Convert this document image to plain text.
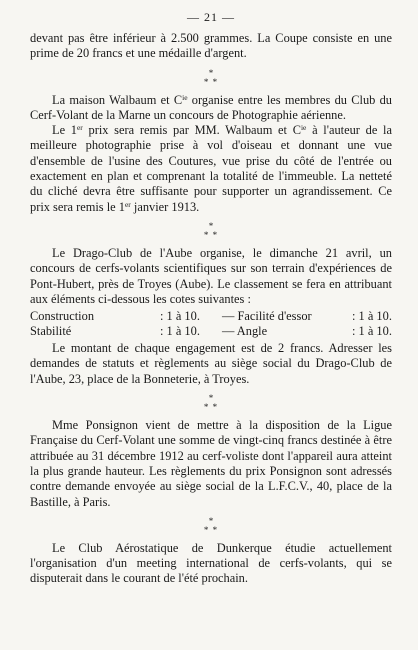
— 21 —

devant pas être inférieur à 2.500 grammes. La Coupe consiste en une prime de 20 francs et une médaille d'argent.

*
* *

La maison Walbaum et $C^{ie}$ organise entre les membres du Club du Cerf-Volant de la Marne un concours de Photographie aérienne.

Le 1er prix sera remis par MM. Walbaum et $C^{ie}$ à l'auteur de la meilleure photographie prise à vol d'oiseau et donnant une vue d'ensemble de l'usine des Coutures, vue prise du côté de l'entrée ou exactement en plan et comprenant la totalité de l'immeuble. La netteté du cliché devra être suffisante pour supporter un agrandissement. Ce prix sera remis le 1er janvier 1913.

*
* *

Le Drago-Club de l'Aube organise, le dimanche 21 avril, un concours de cerfs-volants scientifiques sur son terrain d'expériences de Pont-Hubert, près de Troyes (Aube). Le classement se fera en attribuant aux éléments ci-dessous les cotes suivantes :

Construction	: 1 à 10.	— Facilité d'essor	: 1 à 10.
Stabilité	: 1 à 10.	— Angle	: 1 à 10.

Le montant de chaque engagement est de 2 francs. Adresser les demandes de statuts et règlements au siège social du Drago-Club de l'Aube, 23, place de la Bonneterie, à Troyes.

*
* *

Mme Ponsignon vient de mettre à la disposition de la Ligue Française du Cerf-Volant une somme de vingt-cinq francs destinée à être attribuée au 31 décembre 1912 au cerf-voliste dont l'appareil aura atteint la plus grande hauteur. Les règlements du prix Ponsignon sont adressés contre demande envoyée au siège social de la L.F.C.V., 40, place de la Bastille, à Paris.

*
* *

Le Club Aérostatique de Dunkerque étudie actuellement l'organisation d'un meeting international de cerfs-volants, qui se disputerait dans le courant de l'été prochain.
